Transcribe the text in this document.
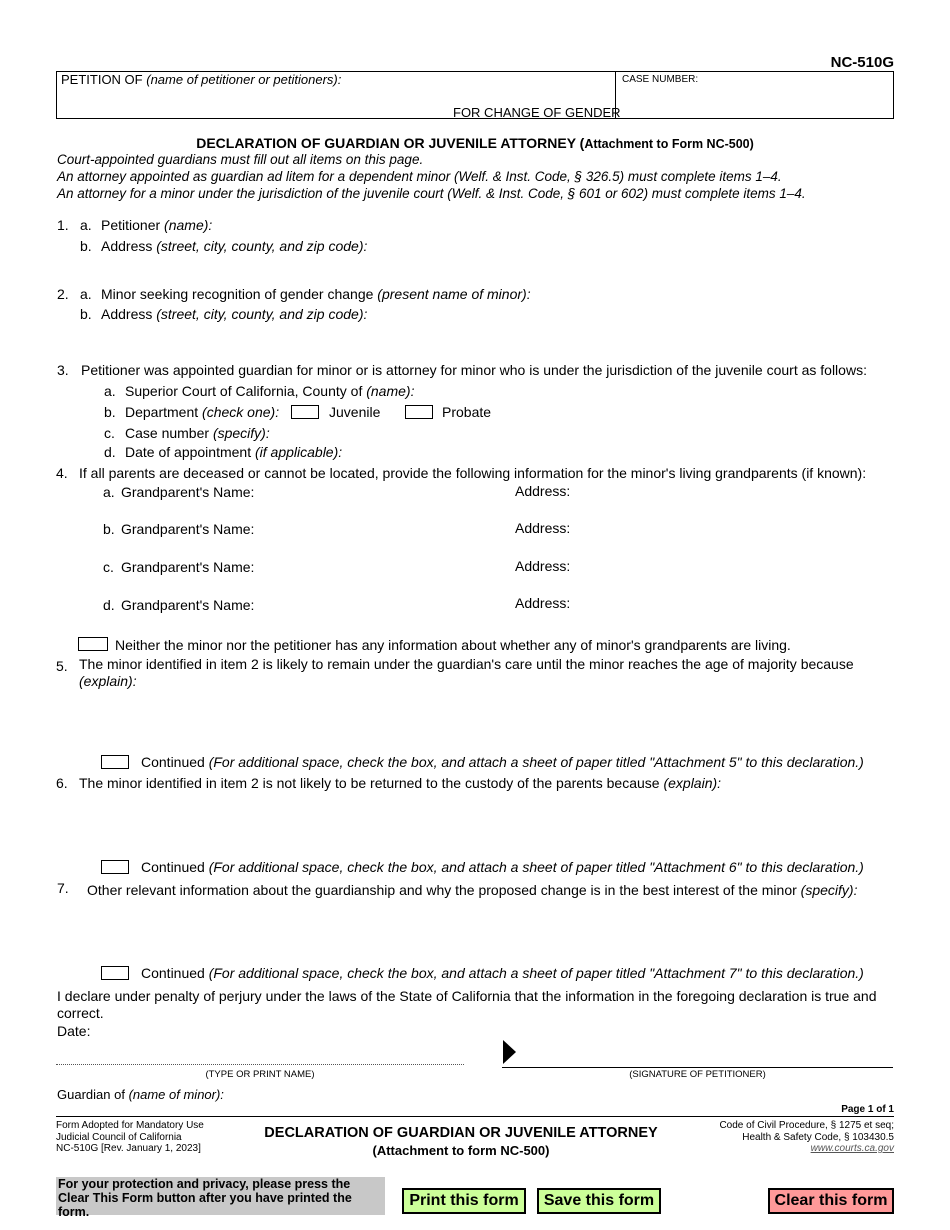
NC-510G
PETITION OF (name of petitioner or petitioners):
FOR CHANGE OF GENDER
CASE NUMBER:
DECLARATION OF GUARDIAN OR JUVENILE ATTORNEY (Attachment to Form NC-500)
Court-appointed guardians must fill out all items on this page.
An attorney appointed as guardian ad litem for a dependent minor (Welf. & Inst. Code, § 326.5) must complete items 1–4.
An attorney for a minor under the jurisdiction of the juvenile court (Welf. & Inst. Code, § 601 or 602) must complete items 1–4.
1. a. Petitioner (name):
b. Address (street, city, county, and zip code):
2. a. Minor seeking recognition of gender change (present name of minor):
b. Address (street, city, county, and zip code):
3. Petitioner was appointed guardian for minor or is attorney for minor who is under the jurisdiction of the juvenile court as follows:
a. Superior Court of California, County of (name):
b. Department (check one):	Juvenile	Probate
c. Case number (specify):
d. Date of appointment (if applicable):
4. If all parents are deceased or cannot be located, provide the following information for the minor's living grandparents (if known):
a. Grandparent's Name:	Address:
b. Grandparent's Name:	Address:
c. Grandparent's Name:	Address:
d. Grandparent's Name:	Address:
Neither the minor nor the petitioner has any information about whether any of minor's grandparents are living.
5. The minor identified in item 2 is likely to remain under the guardian's care until the minor reaches the age of majority because
(explain):
Continued (For additional space, check the box, and attach a sheet of paper titled "Attachment 5" to this declaration.)
6. The minor identified in item 2 is not likely to be returned to the custody of the parents because (explain):
Continued (For additional space, check the box, and attach a sheet of paper titled "Attachment 6" to this declaration.)
7. Other relevant information about the guardianship and why the proposed change is in the best interest of the minor (specify):
Continued (For additional space, check the box, and attach a sheet of paper titled "Attachment 7" to this declaration.)
I declare under penalty of perjury under the laws of the State of California that the information in the foregoing declaration is true and
correct.
Date:
(TYPE OR PRINT NAME)	(SIGNATURE OF PETITIONER)
Guardian of (name of minor):
Page 1 of 1
Form Adopted for Mandatory Use
Judicial Council of California
NC-510G [Rev. January 1, 2023]
DECLARATION OF GUARDIAN OR JUVENILE ATTORNEY
(Attachment to form NC-500)
Code of Civil Procedure, § 1275 et seq;
Health & Safety Code, § 103430.5
www.courts.ca.gov
For your protection and privacy, please press the Clear This Form button after you have printed the form.
Print this form	Save this form	Clear this form
